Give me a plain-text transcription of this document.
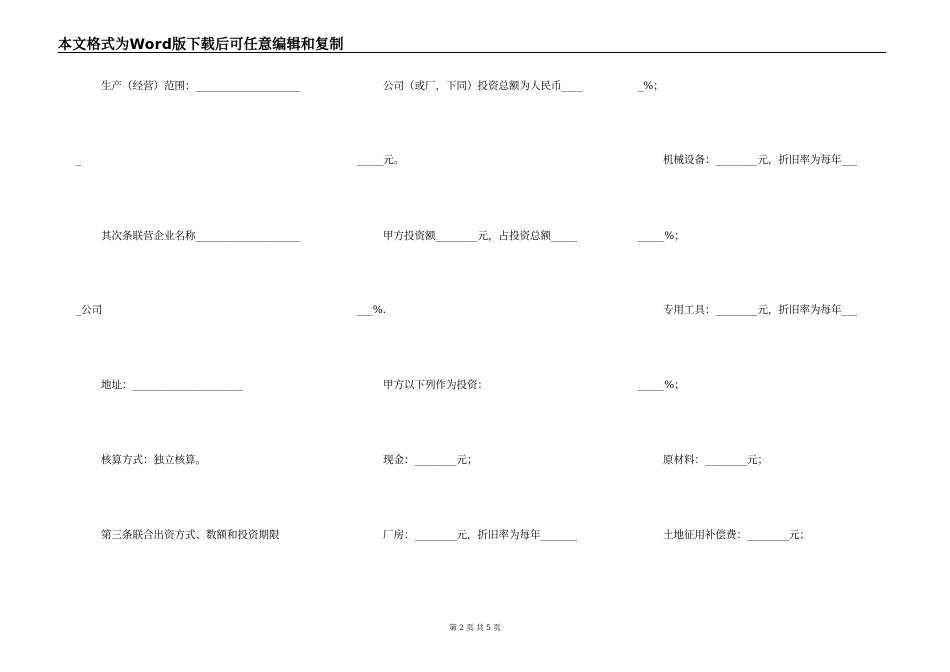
本文格式为Word版下载后可任意编辑和复制
生产（经营）范围：____________________	公司（或厂，下同）投资总额为人民币____	_%；
_	_____元。	机械设备：________元，折旧率为每年___
其次条联营企业名称____________________	甲方投资额________元，占投资总额_____	_____%；
_公司	___%.	专用工具：________元，折旧率为每年___
地址：_____________________	甲方以下列作为投资：	_____%；
核算方式：独立核算。	现金：________元；	原材料：________元；
第三条联合出资方式、数额和投资期限	厂房：________元，折旧率为每年_______	土地征用补偿费：________元；
第 2 页 共 5 页
